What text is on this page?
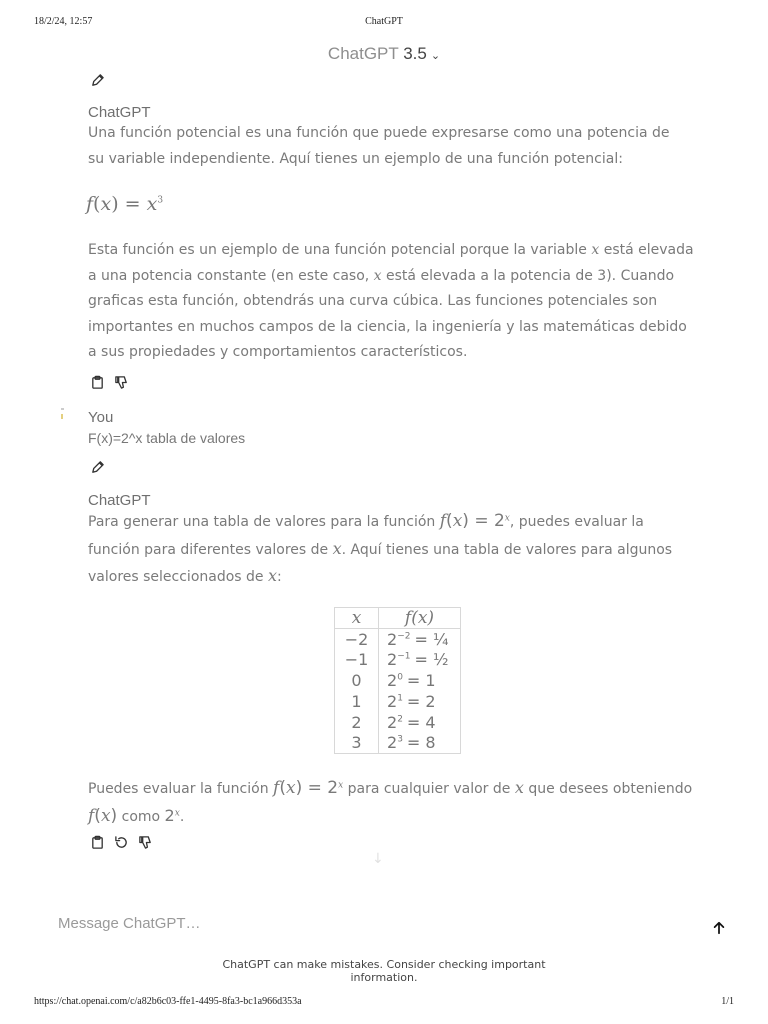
18/2/24, 12:57	ChatGPT
ChatGPT 3.5 ⌄
ChatGPT
Una función potencial es una función que puede expresarse como una potencia de su variable independiente. Aquí tienes un ejemplo de una función potencial:
$f(x) = x^3$
Esta función es un ejemplo de una función potencial porque la variable x está elevada a una potencia constante (en este caso, x está elevada a la potencia de 3). Cuando graficas esta función, obtendrás una curva cúbica. Las funciones potenciales son importantes en muchos campos de la ciencia, la ingeniería y las matemáticas debido a sus propiedades y comportamientos característicos.
You
F(x)=2^x tabla de valores
ChatGPT
Para generar una tabla de valores para la función $f(x) = 2^x$, puedes evaluar la función para diferentes valores de x. Aquí tienes una tabla de valores para algunos valores seleccionados de x:
x	f(x)
−2	$2^{-2}$ = ¼
−1	$2^{-1}$ = ½
0	$2^0 = 1$
1	$2^1 = 2$
2	$2^2 = 4$
3	$2^3 = 8$
Puedes evaluar la función $f(x) = 2^x$ para cualquier valor de x que desees obteniendo
f(x) como 2$^x$.
↓
Message ChatGPT…
ChatGPT can make mistakes. Consider checking important information.
https://chat.openai.com/c/a82b6c03-ffe1-4495-8fa3-bc1a966d353a	1/1
